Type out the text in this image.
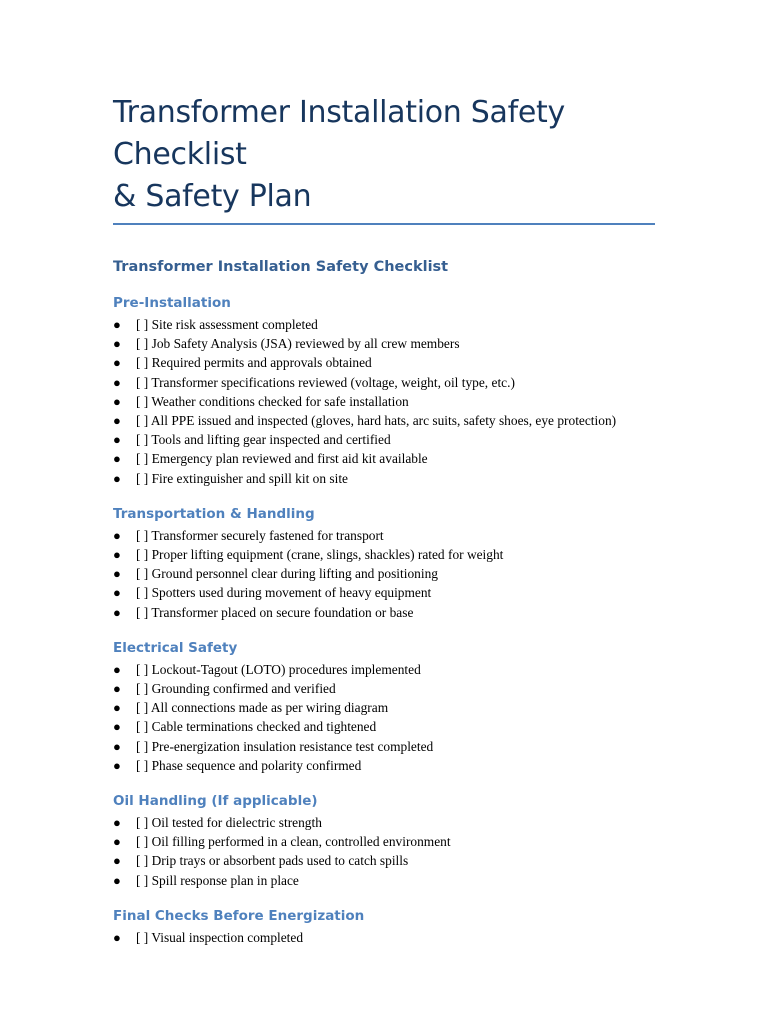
Transformer Installation Safety Checklist
& Safety Plan
Transformer Installation Safety Checklist
Pre-Installation
● [ ] Site risk assessment completed
● [ ] Job Safety Analysis (JSA) reviewed by all crew members
● [ ] Required permits and approvals obtained
● [ ] Transformer specifications reviewed (voltage, weight, oil type, etc.)
● [ ] Weather conditions checked for safe installation
● [ ] All PPE issued and inspected (gloves, hard hats, arc suits, safety shoes, eye protection)
● [ ] Tools and lifting gear inspected and certified
● [ ] Emergency plan reviewed and first aid kit available
● [ ] Fire extinguisher and spill kit on site
Transportation & Handling
● [ ] Transformer securely fastened for transport
● [ ] Proper lifting equipment (crane, slings, shackles) rated for weight
● [ ] Ground personnel clear during lifting and positioning
● [ ] Spotters used during movement of heavy equipment
● [ ] Transformer placed on secure foundation or base
Electrical Safety
● [ ] Lockout-Tagout (LOTO) procedures implemented
● [ ] Grounding confirmed and verified
● [ ] All connections made as per wiring diagram
● [ ] Cable terminations checked and tightened
● [ ] Pre-energization insulation resistance test completed
● [ ] Phase sequence and polarity confirmed
Oil Handling (If applicable)
● [ ] Oil tested for dielectric strength
● [ ] Oil filling performed in a clean, controlled environment
● [ ] Drip trays or absorbent pads used to catch spills
● [ ] Spill response plan in place
Final Checks Before Energization
● [ ] Visual inspection completed
